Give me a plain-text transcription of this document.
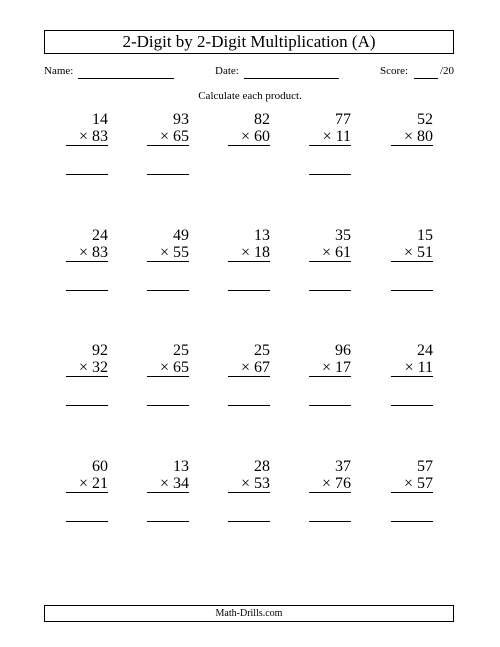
2-Digit by 2-Digit Multiplication (A)
Name:	Date:	Score:	/20
Calculate each product.
14
× 83
93
× 65
82
× 60
77
× 11
52
× 80
24
× 83
49
× 55
13
× 18
35
× 61
15
× 51
92
× 32
25
× 65
25
× 67
96
× 17
24
× 11
60
× 21
13
× 34
28
× 53
37
× 76
57
× 57
Math-Drills.com
